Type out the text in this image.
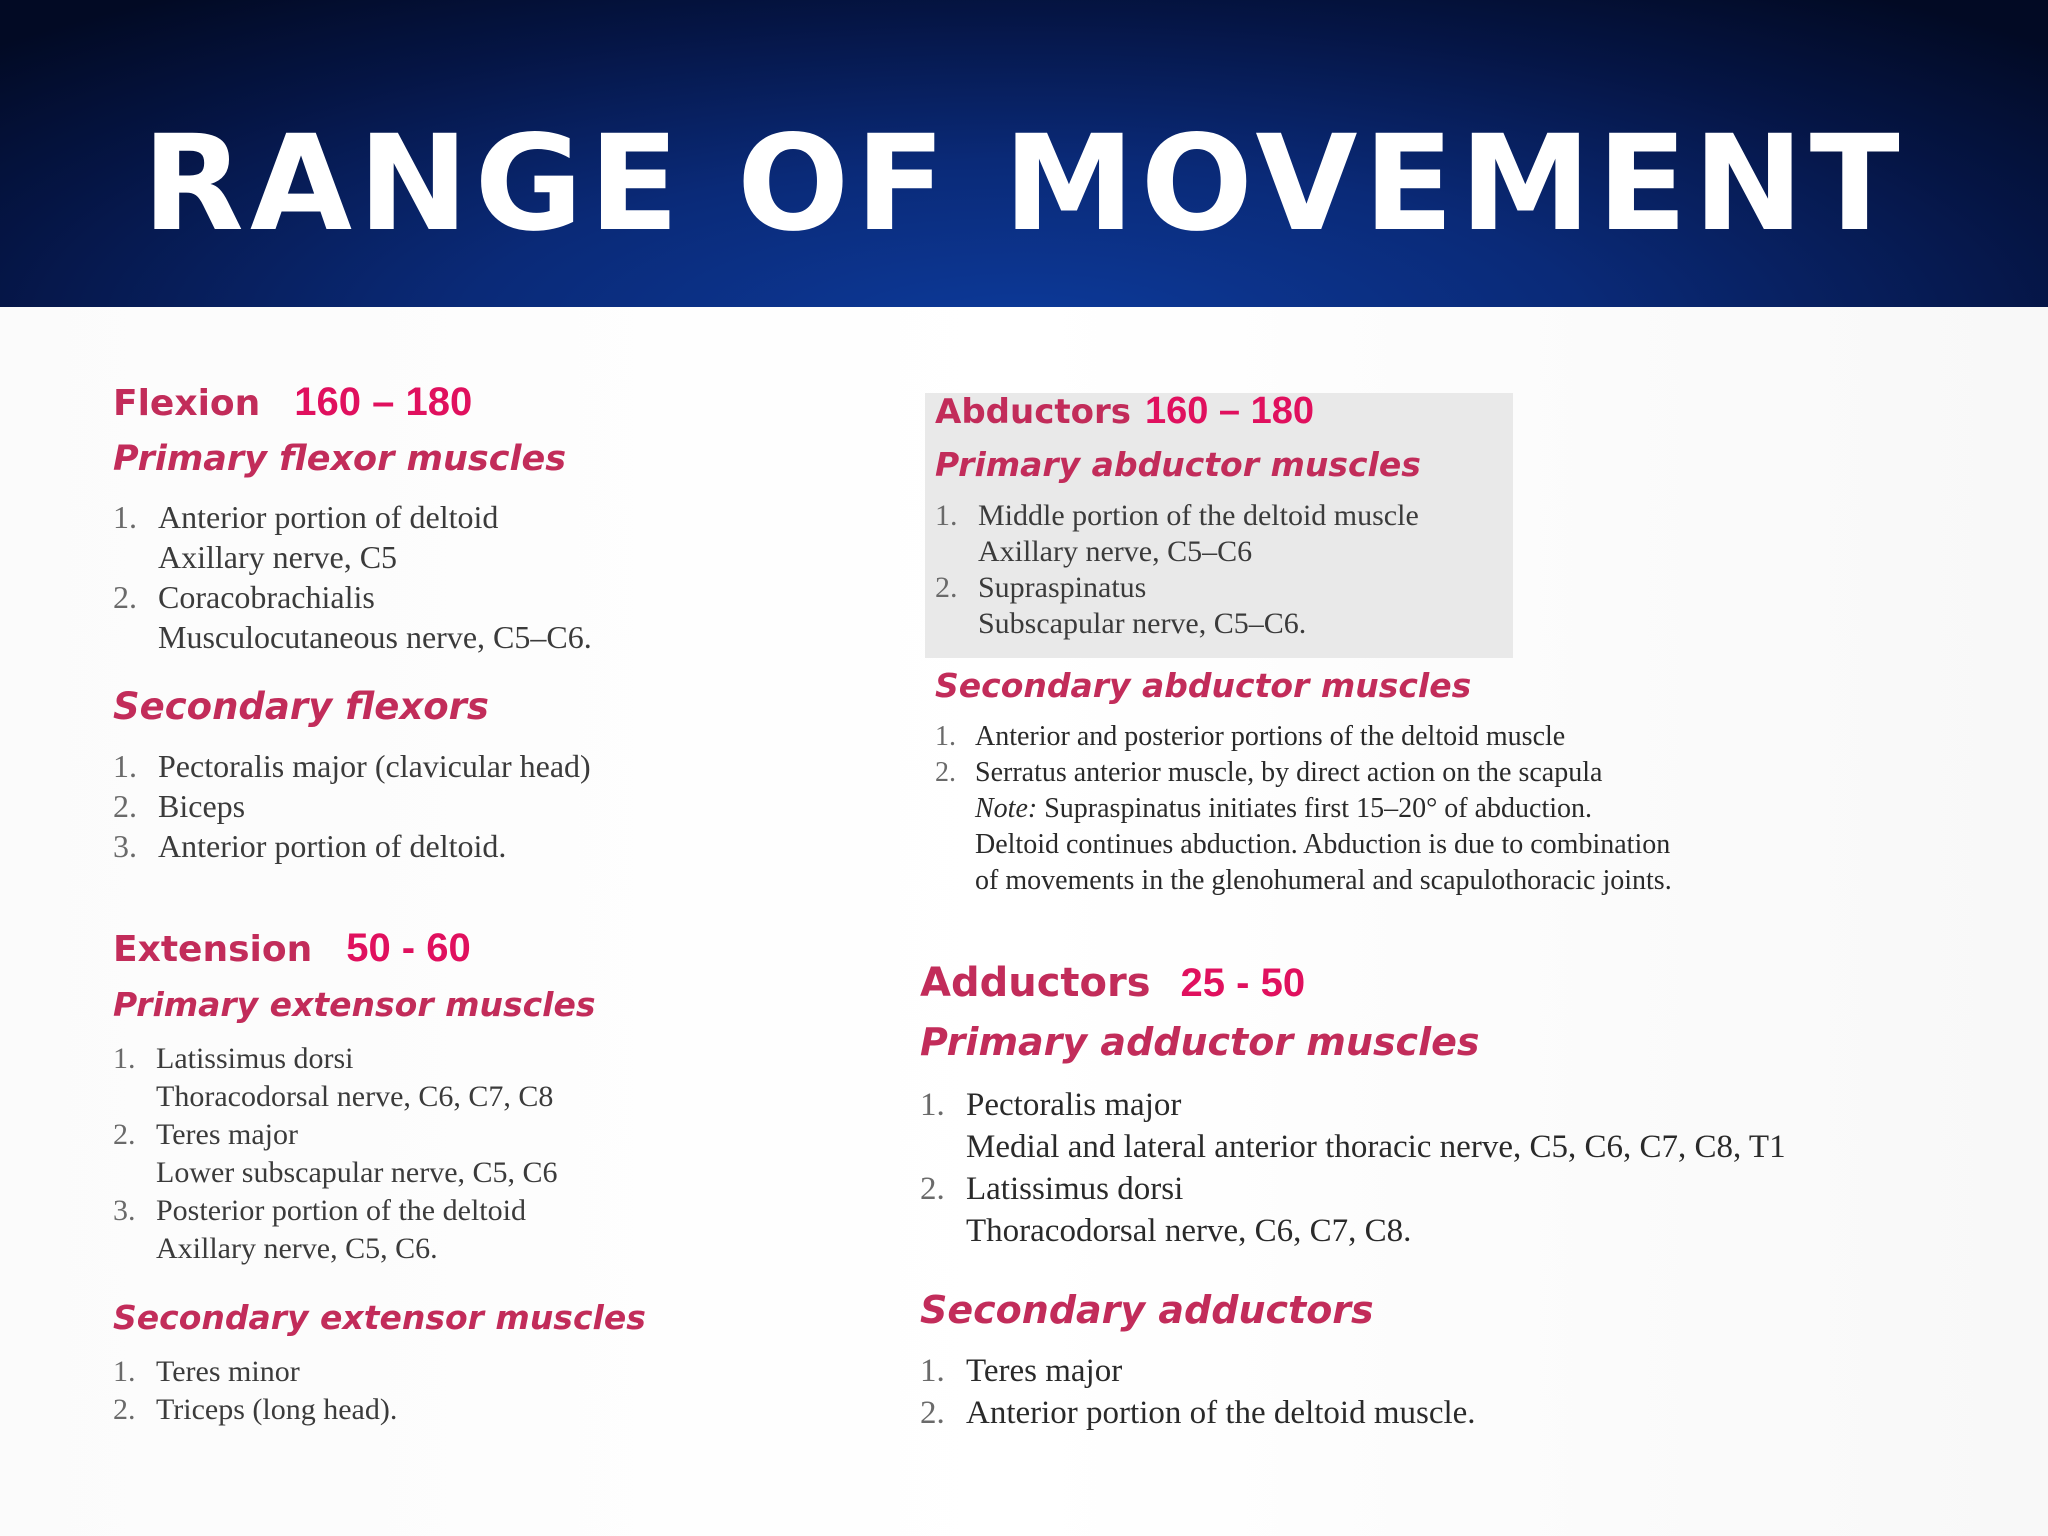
RANGE OF MOVEMENT
Flexion 160 – 180
Primary flexor muscles
1. Anterior portion of deltoid
Axillary nerve, C5
2. Coracobrachialis
Musculocutaneous nerve, C5–C6.
Secondary flexors
1. Pectoralis major (clavicular head)
2. Biceps
3. Anterior portion of deltoid.
Extension 50 - 60
Primary extensor muscles
1. Latissimus dorsi
Thoracodorsal nerve, C6, C7, C8
2. Teres major
Lower subscapular nerve, C5, C6
3. Posterior portion of the deltoid
Axillary nerve, C5, C6.
Secondary extensor muscles
1. Teres minor
2. Triceps (long head).
Abductors 160 – 180
Primary abductor muscles
1. Middle portion of the deltoid muscle
Axillary nerve, C5–C6
2. Supraspinatus
Subscapular nerve, C5–C6.
Secondary abductor muscles
1. Anterior and posterior portions of the deltoid muscle
2. Serratus anterior muscle, by direct action on the scapula
Note: Supraspinatus initiates first 15–20° of abduction.
Deltoid continues abduction. Abduction is due to combination
of movements in the glenohumeral and scapulothoracic joints.
Adductors 25 - 50
Primary adductor muscles
1. Pectoralis major
Medial and lateral anterior thoracic nerve, C5, C6, C7, C8, T1
2. Latissimus dorsi
Thoracodorsal nerve, C6, C7, C8.
Secondary adductors
1. Teres major
2. Anterior portion of the deltoid muscle.
